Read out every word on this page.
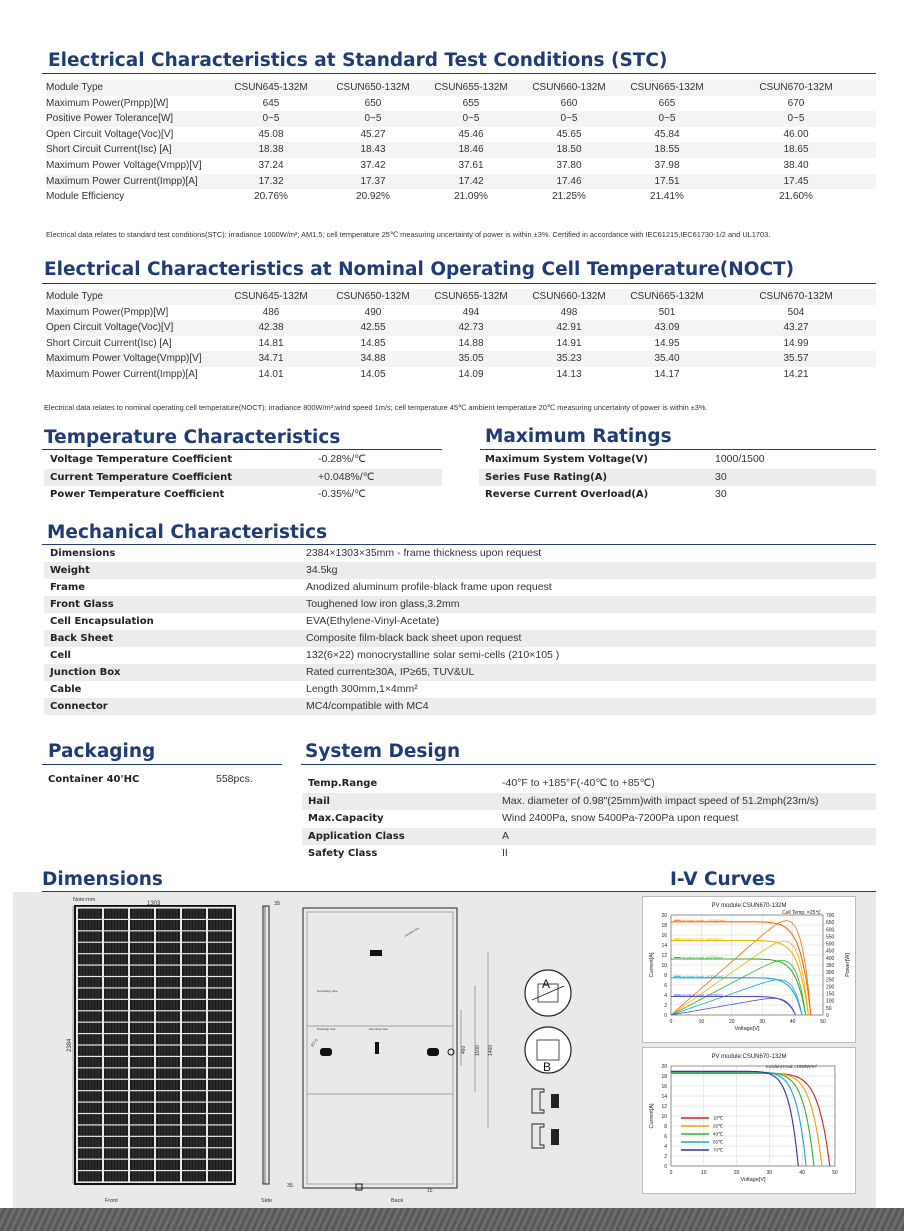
Electrical Characteristics at Standard Test Conditions (STC)
Module Type	CSUN645-132M	CSUN650-132M	CSUN655-132M	CSUN660-132M	CSUN665-132M	CSUN670-132M
Maximum Power(Pmpp)[W]	645	650	655	660	665	670
Positive Power Tolerance[W]	0~5	0~5	0~5	0~5	0~5	0~5
Open Circuit Voltage(Voc)[V]	45.08	45.27	45.46	45.65	45.84	46.00
Short Circuit Current(Isc) [A]	18.38	18.43	18.46	18.50	18.55	18.65
Maximum Power Voltage(Vmpp)[V]	37.24	37.42	37.61	37.80	37.98	38.40
Maximum Power Current(Impp)[A]	17.32	17.37	17.42	17.46	17.51	17.45
Module Efficiency	20.76%	20.92%	21.09%	21.25%	21.41%	21.60%
Electrical data relates to standard test conditions(STC): irradiance 1000W/m²; AM1.5; cell temperature 25℃ measuring uncertainty of power is within ±3%. Certified in accordance with IEC61215,IEC61730-1/2 and UL1703.
Electrical Characteristics at Nominal Operating Cell Temperature(NOCT)
Module Type	CSUN645-132M	CSUN650-132M	CSUN655-132M	CSUN660-132M	CSUN665-132M	CSUN670-132M
Maximum Power(Pmpp)[W]	486	490	494	498	501	504
Open Circuit Voltage(Voc)[V]	42.38	42.55	42.73	42.91	43.09	43.27
Short Circuit Current(Isc) [A]	14.81	14.85	14.88	14.91	14.95	14.99
Maximum Power Voltage(Vmpp)[V]	34.71	34.88	35.05	35.23	35.40	35.57
Maximum Power Current(Impp)[A]	14.01	14.05	14.09	14.13	14.17	14.21
Electrical data relates to nominal operating cell temperature(NOCT): irradiance 800W/m²;wind speed 1m/s; cell temperature 45℃ ambient temperature 20℃ measuring uncertainty of power is within ±3%.
Temperature Characteristics
Voltage Temperature Coefficient	-0.28%/℃
Current Temperature Coefficient	+0.048%/℃
Power Temperature Coefficient	-0.35%/℃
Maximum Ratings
Maximum System Voltage(V)	1000/1500
Series Fuse Rating(A)	30
Reverse Current Overload(A)	30
Mechanical Characteristics
Dimensions	2384×1303×35mm - frame thickness upon request
Weight	34.5kg
Frame	Anodized aluminum profile-black frame upon request
Front Glass	Toughened low iron glass,3.2mm
Cell Encapsulation	EVA(Ethylene-Vinyl-Acetate)
Back Sheet	Composite film-black back sheet upon request
Cell	132(6×22) monocrystalline solar semi-cells (210×105 )
Junction Box	Rated current≥30A, IP≥65, TUV&UL
Cable	Length 300mm,1×4mm²
Connector	MC4/compatible with MC4
Packaging
Container 40'HC	558pcs.
System Design
Temp.Range	-40°F to +185°F(-40℃ to +85℃)
Hail	Max. diameter of 0.98"(25mm)with impact speed of 51.2mph(23m/s)
Max.Capacity	Wind 2400Pa, snow 5400Pa-7200Pa upon request
Application Class	A
Safety Class	II
Dimensions	I-V Curves
Note:mm
1303
2384
Front
35
35
Side
R7.5
Grounding hole
Drainage hole	Mounting hole
Junction box
460 1100 1400
15
Back
A
B
PV module:CSUN670-132M
0
2
4
6
8
10
12
14
16
18
20
0	10	20	30	40	50
Voltage[V]
Current[A]
0
50
100
150
200
250
300
350
400
450
500
550
600
650
700
Power[W]
Cell Temp. =25℃
Incident Irrad.=1000W/m²
Incident Irrad.=800W/m²
Incident Irrad.=600W/m²
Incident Irrad.=400W/m²
Incident Irrad.=200W/m²
PV module:CSUN670-132M
0
2
4
6
8
10
12
14
16
18
20
0	10	20	30	40	50
Voltage[V]
Current[A]
Incident Irrad.=1000W/m²
10℃
25℃
40℃
55℃
70℃
